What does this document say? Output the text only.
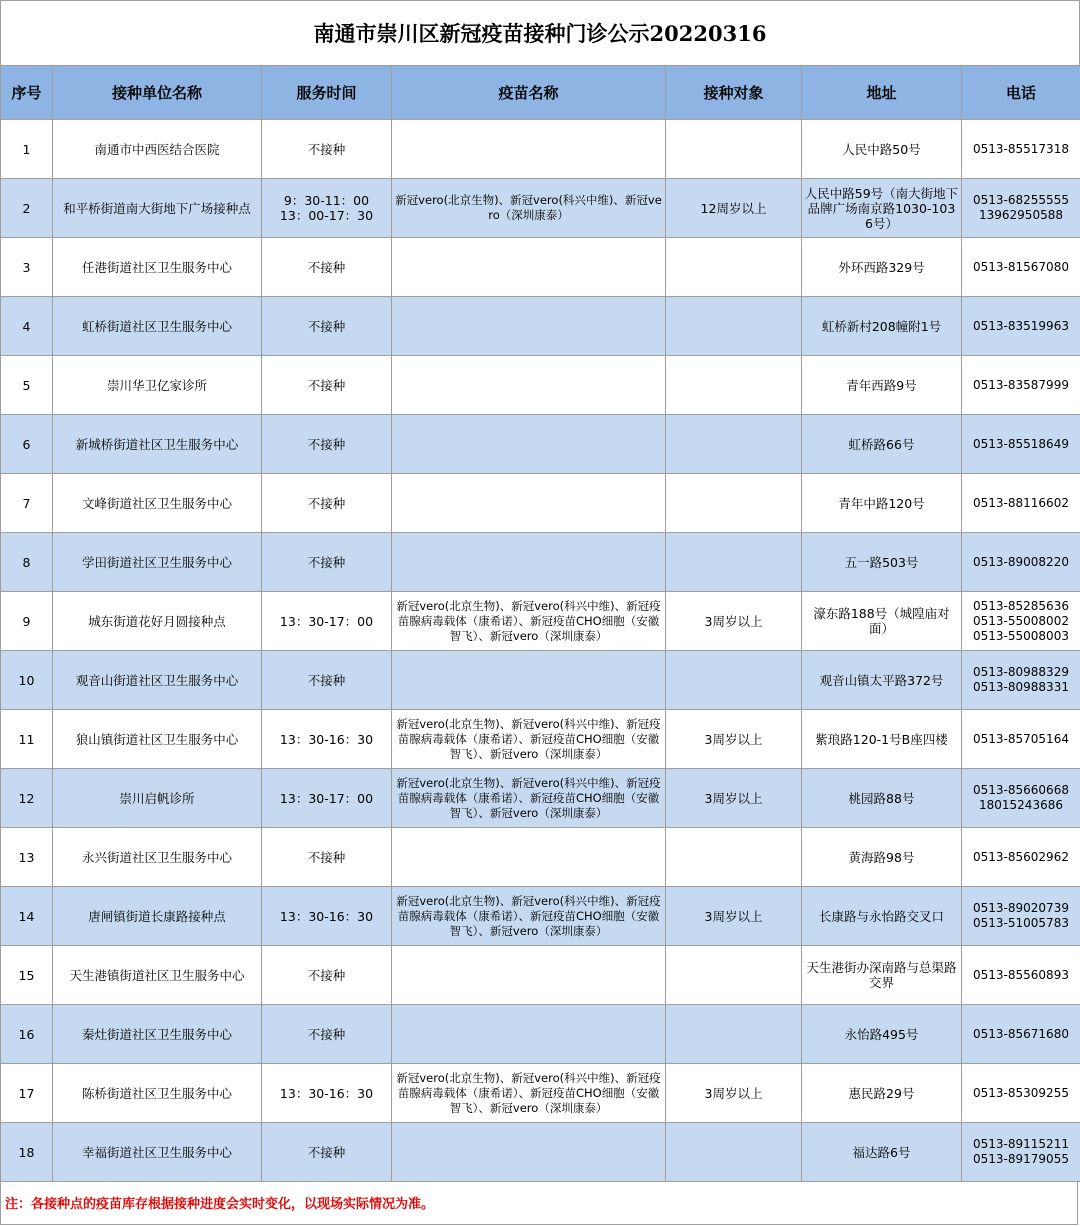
南通市崇川区新冠疫苗接种门诊公示20220316
序号	接种单位名称	服务时间	疫苗名称	接种对象	地址	电话
1	南通市中西医结合医院	不接种			人民中路50号	0513-85517318
2	和平桥街道南大街地下广场接种点	9：30-11：00
13：00-17：30	新冠vero(北京生物)、新冠vero(科兴中维)、新冠vero（深圳康泰）	12周岁以上	人民中路59号（南大街地下品牌广场南京路1030-1036号）	0513-68255555
13962950588
3	任港街道社区卫生服务中心	不接种			外环西路329号	0513-81567080
4	虹桥街道社区卫生服务中心	不接种			虹桥新村208幢附1号	0513-83519963
5	崇川华卫亿家诊所	不接种			青年西路9号	0513-83587999
6	新城桥街道社区卫生服务中心	不接种			虹桥路66号	0513-85518649
7	文峰街道社区卫生服务中心	不接种			青年中路120号	0513-88116602
8	学田街道社区卫生服务中心	不接种			五一路503号	0513-89008220
9	城东街道花好月圆接种点	13：30-17：00	新冠vero(北京生物)、新冠vero(科兴中维)、新冠疫苗腺病毒载体（康希诺）、新冠疫苗CHO细胞（安徽智飞）、新冠vero（深圳康泰）	3周岁以上	濠东路188号（城隍庙对面）	0513-85285636
0513-55008002
0513-55008003
10	观音山街道社区卫生服务中心	不接种			观音山镇太平路372号	0513-80988329
0513-80988331
11	狼山镇街道社区卫生服务中心	13：30-16：30	新冠vero(北京生物)、新冠vero(科兴中维)、新冠疫苗腺病毒载体（康希诺）、新冠疫苗CHO细胞（安徽智飞）、新冠vero（深圳康泰）	3周岁以上	紫琅路120-1号B座四楼	0513-85705164
12	崇川启帆诊所	13：30-17：00	新冠vero(北京生物)、新冠vero(科兴中维)、新冠疫苗腺病毒载体（康希诺）、新冠疫苗CHO细胞（安徽智飞）、新冠vero（深圳康泰）	3周岁以上	桃园路88号	0513-85660668
18015243686
13	永兴街道社区卫生服务中心	不接种			黄海路98号	0513-85602962
14	唐闸镇街道长康路接种点	13：30-16：30	新冠vero(北京生物)、新冠vero(科兴中维)、新冠疫苗腺病毒载体（康希诺）、新冠疫苗CHO细胞（安徽智飞）、新冠vero（深圳康泰）	3周岁以上	长康路与永怡路交叉口	0513-89020739
0513-51005783
15	天生港镇街道社区卫生服务中心	不接种			天生港街办深南路与总渠路交界	0513-85560893
16	秦灶街道社区卫生服务中心	不接种			永怡路495号	0513-85671680
17	陈桥街道社区卫生服务中心	13：30-16：30	新冠vero(北京生物)、新冠vero(科兴中维)、新冠疫苗腺病毒载体（康希诺）、新冠疫苗CHO细胞（安徽智飞）、新冠vero（深圳康泰）	3周岁以上	惠民路29号	0513-85309255
18	幸福街道社区卫生服务中心	不接种			福达路6号	0513-89115211
0513-89179055
注：各接种点的疫苗库存根据接种进度会实时变化，以现场实际情况为准。
